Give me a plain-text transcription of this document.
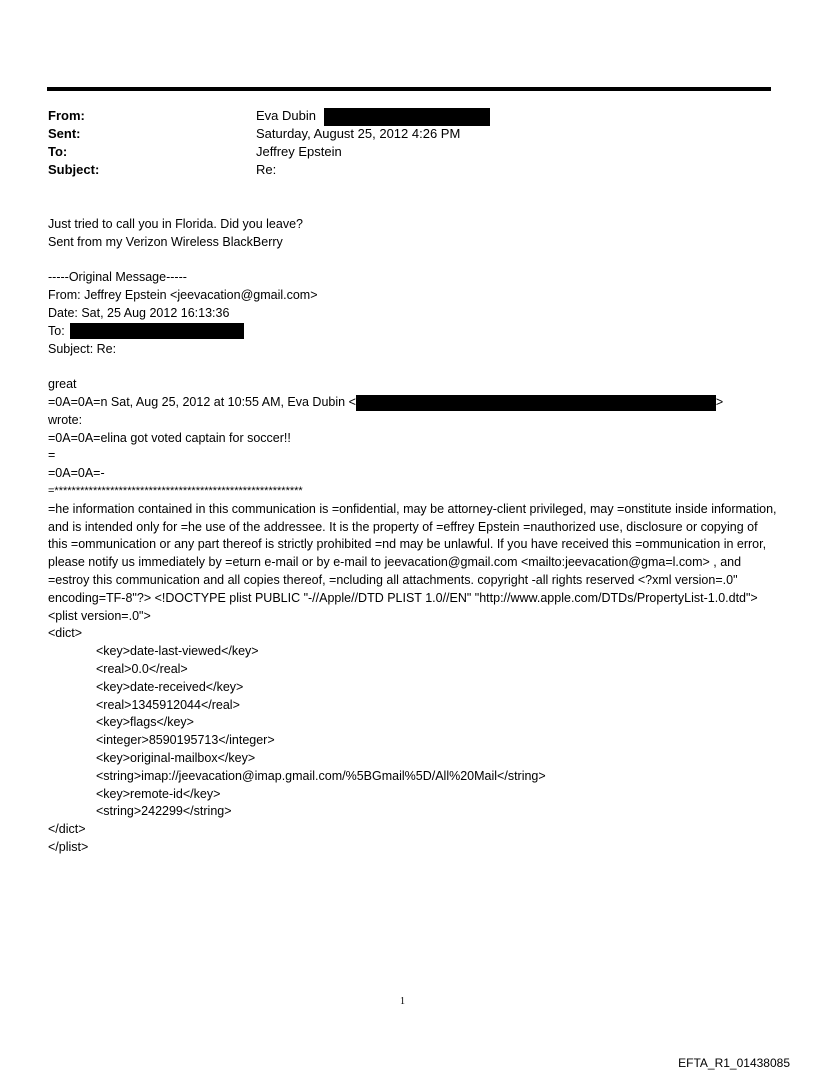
From:	Eva Dubin
Sent:	Saturday, August 25, 2012 4:26 PM
To:	Jeffrey Epstein
Subject:	Re:
Just tried to call you in Florida. Did you leave?
Sent from my Verizon Wireless BlackBerry
-----Original Message-----
From: Jeffrey Epstein <jeevacation@gmail.com>
Date: Sat, 25 Aug 2012 16:13:36
To:
Subject: Re:
great
=0A=0A=n Sat, Aug 25, 2012 at 10:55 AM, Eva Dubin <	>
wrote:
=0A=0A=elina got voted captain for soccer!!
=
=0A=0A=-
=**********************************************************
=he information contained in this communication is =onfidential, may be attorney-client privileged, may =onstitute inside information, and is intended only for =he use of the addressee. It is the property of =effrey Epstein =nauthorized use, disclosure or copying of this =ommunication or any part thereof is strictly prohibited =nd may be unlawful. If you have received this =ommunication in error, please notify us immediately by =eturn e-mail or by e-mail to jeevacation@gmail.com <mailto:jeevacation@gma=l.com> , and =estroy this communication and all copies thereof, =ncluding all attachments. copyright -all rights reserved <?xml version=.0" encoding=TF-8"?> <!DOCTYPE plist PUBLIC "-//Apple//DTD PLIST 1.0//EN" "http://www.apple.com/DTDs/PropertyList-1.0.dtd">
<plist version=.0">
<dict>
<key>date-last-viewed</key>
<real>0.0</real>
<key>date-received</key>
<real>1345912044</real>
<key>flags</key>
<integer>8590195713</integer>
<key>original-mailbox</key>
<string>imap://jeevacation@imap.gmail.com/%5BGmail%5D/All%20Mail</string>
<key>remote-id</key>
<string>242299</string>
</dict>
</plist>
1
EFTA_R1_01438085
